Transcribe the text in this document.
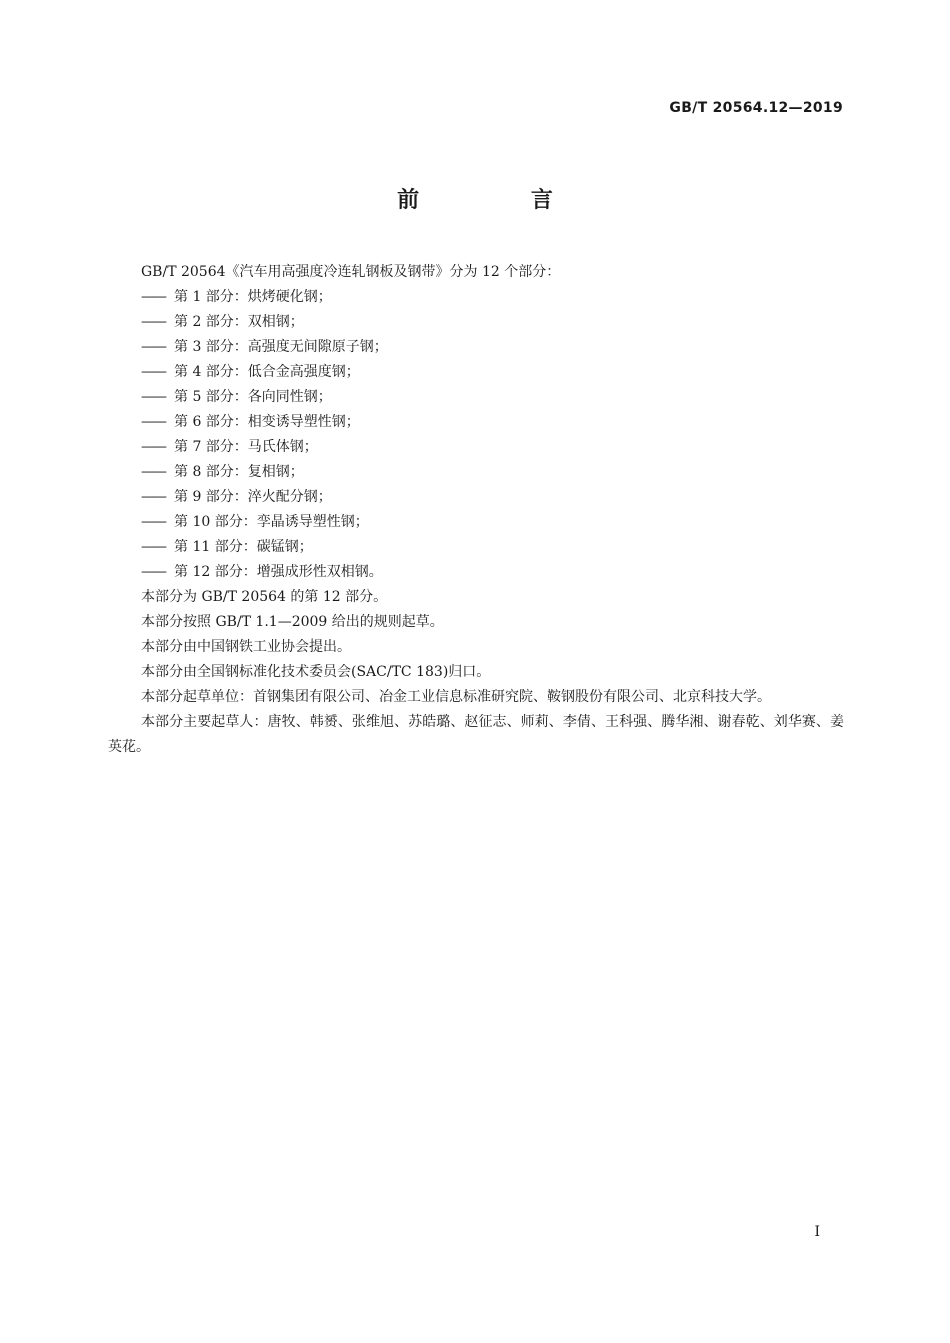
GB/T 20564.12—2019
前 言

GB/T 20564《汽车用高强度冷连轧钢板及钢带》分为 12 个部分：

—— 第 1 部分：烘烤硬化钢；
—— 第 2 部分：双相钢；
—— 第 3 部分：高强度无间隙原子钢；
—— 第 4 部分：低合金高强度钢；
—— 第 5 部分：各向同性钢；
—— 第 6 部分：相变诱导塑性钢；
—— 第 7 部分：马氏体钢；
—— 第 8 部分：复相钢；
—— 第 9 部分：淬火配分钢；
—— 第 10 部分：孪晶诱导塑性钢；
—— 第 11 部分：碳锰钢；
—— 第 12 部分：增强成形性双相钢。

本部分为 GB/T 20564 的第 12 部分。

本部分按照 GB/T 1.1—2009 给出的规则起草。

本部分由中国钢铁工业协会提出。

本部分由全国钢标准化技术委员会(SAC/TC 183)归口。

本部分起草单位：首钢集团有限公司、冶金工业信息标准研究院、鞍钢股份有限公司、北京科技大学。

本部分主要起草人：唐牧、韩赟、张维旭、苏皓璐、赵征志、师莉、李倩、王科强、腾华湘、谢春乾、刘华赛、姜英花。

I
